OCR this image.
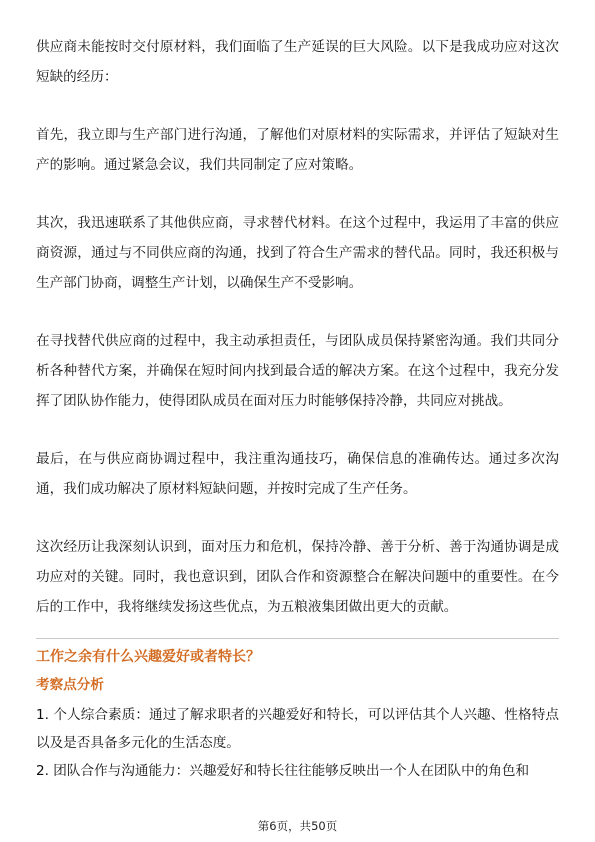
供应商未能按时交付原材料，我们面临了生产延误的巨大风险。以下是我成功应对这次短缺的经历：

首先，我立即与生产部门进行沟通，了解他们对原材料的实际需求，并评估了短缺对生产的影响。通过紧急会议，我们共同制定了应对策略。

其次，我迅速联系了其他供应商，寻求替代材料。在这个过程中，我运用了丰富的供应商资源，通过与不同供应商的沟通，找到了符合生产需求的替代品。同时，我还积极与生产部门协商，调整生产计划，以确保生产不受影响。

在寻找替代供应商的过程中，我主动承担责任，与团队成员保持紧密沟通。我们共同分析各种替代方案，并确保在短时间内找到最合适的解决方案。在这个过程中，我充分发挥了团队协作能力，使得团队成员在面对压力时能够保持冷静，共同应对挑战。

最后，在与供应商协调过程中，我注重沟通技巧，确保信息的准确传达。通过多次沟通，我们成功解决了原材料短缺问题，并按时完成了生产任务。

这次经历让我深刻认识到，面对压力和危机，保持冷静、善于分析、善于沟通协调是成功应对的关键。同时，我也意识到，团队合作和资源整合在解决问题中的重要性。在今后的工作中，我将继续发扬这些优点，为五粮液集团做出更大的贡献。

工作之余有什么兴趣爱好或者特长？
考察点分析

1. 个人综合素质：通过了解求职者的兴趣爱好和特长，可以评估其个人兴趣、性格特点以及是否具备多元化的生活态度。

2. 团队合作与沟通能力：兴趣爱好和特长往往能够反映出一个人在团队中的角色和

第6页，共50页
